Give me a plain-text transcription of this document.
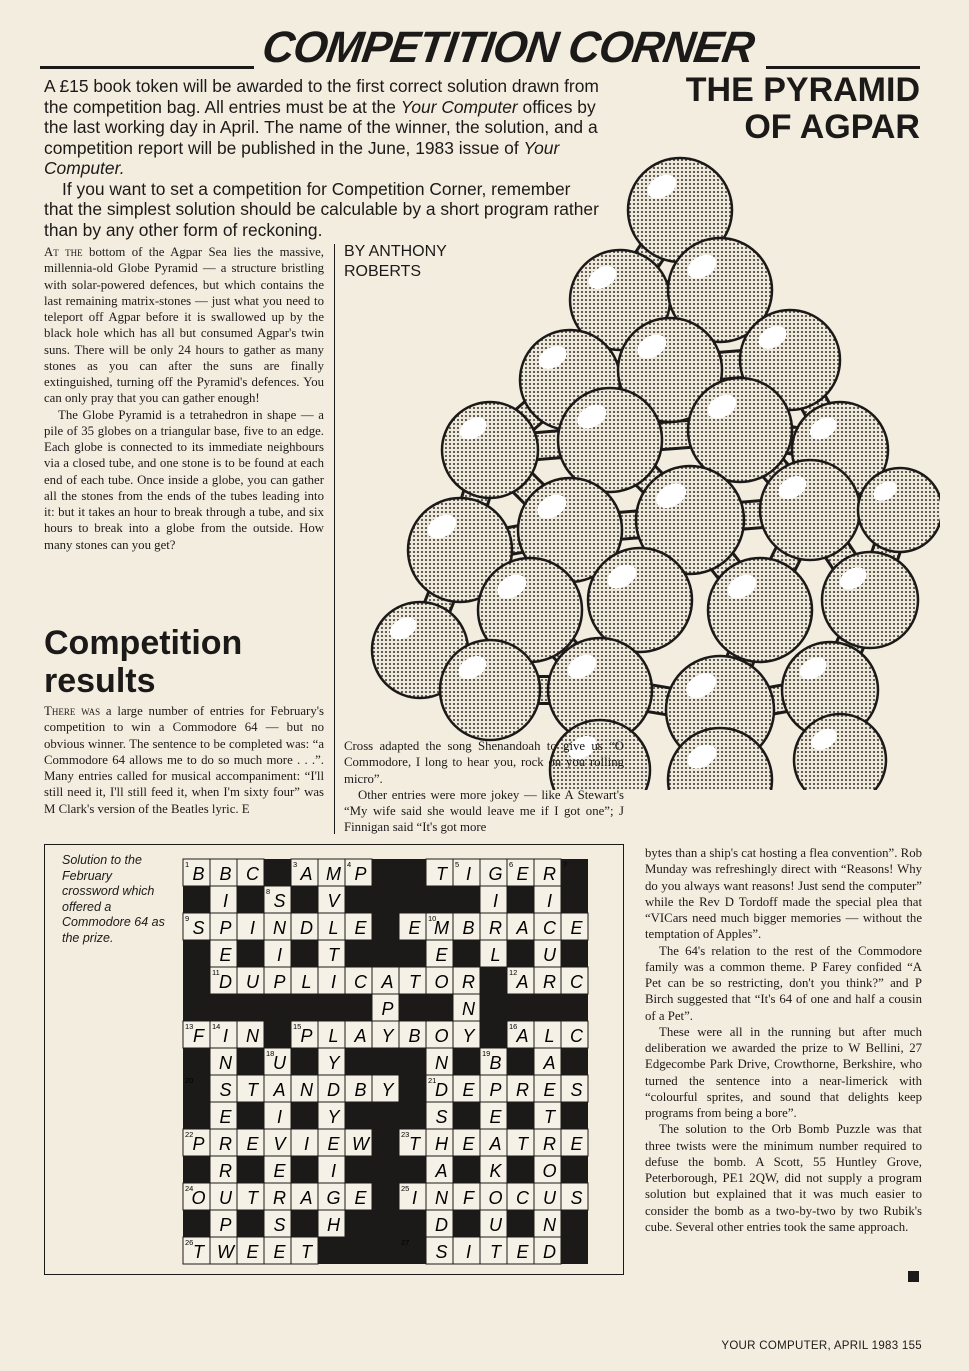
COMPETITION CORNER

A £15 book token will be awarded to the first correct solution drawn from the competition bag. All entries must be at the Your Computer offices by the last working day in April. The name of the winner, the solution, and a competition report will be published in the June, 1983 issue of Your Computer.

If you want to set a competition for Competition Corner, remember that the simplest solution should be calculable by a short program rather than by any other form of reckoning.

THE PYRAMID
OF AGPAR
BY ANTHONY
ROBERTS

At the bottom of the Agpar Sea lies the massive, millennia-old Globe Pyramid — a structure bristling with solar-powered defences, but which contains the last remaining matrix-stones — just what you need to teleport off Agpar before it is swallowed up by the black hole which has all but consumed Agpar's twin suns. There will be only 24 hours to gather as many stones as you can after the suns are finally extinguished, turning off the Pyramid's defences. You can only pray that you can gather enough!

The Globe Pyramid is a tetrahedron in shape — a pile of 35 globes on a triangular base, five to an edge. Each globe is connected to its immediate neighbours via a closed tube, and one stone is to be found at each end of each tube. Once inside a globe, you can gather all the stones from the ends of the tubes leading into it: but it takes an hour to break through a tube, and six hours to break into a globe from the outside. How many stones can you get?

Competition
results

There was a large number of entries for February's competition to win a Commodore 64 — but no obvious winner. The sentence to be completed was: “a Commodore 64 allows me to do so much more . . .”. Many entries called for musical accompaniment: “I'll still need it, I'll still feed it, when I'm sixty four” was M Clark's version of the Beatles lyric. E

Cross adapted the song Shenandoah to give us “O Commodore, I long to hear you, rock on you rolling micro”.

Other entries were more jokey — like A Stewart's “My wife said she would leave me if I got one”; J Finnigan said “It's got more

Solution to the February crossword which offered a Commodore 64 as the prize.
B B C A M P	T I G E R
I	S V	I	I
S P I N D L E E M B R A C E
E	I	T	E L U
D U P L I C A T O R A R C
P	N
F I N P L A Y B O Y A L C
N U Y	N B A
S T A N D B Y D E P R E S
E	I	Y	S E T
P R E V I E W T H E A T R E
R E	I	A K O
O U T R A G E	I N F O C U S
P S H	D U N
T W E E T	S I T E D
1	3	4	5	6	7
8
9	10
11	12
13 14	15	16
18	19
20	21
22	23
24	25
26	27

bytes than a ship's cat hosting a flea convention”. Rob Munday was refreshingly direct with “Reasons! Why do you always want reasons! Just send the computer” while the Rev D Tordoff made the special plea that “VICars need much bigger memories — without the temptation of Apples”.

The 64's relation to the rest of the Commodore family was a common theme. P Farey confided “A Pet can be so restricting, don't you think?” and P Birch suggested that “It's 64 of one and half a cousin of a Pet”.

These were all in the running but after much deliberation we awarded the prize to W Bellini, 27 Edgecombe Park Drive, Crowthorne, Berkshire, who turned the sentence into a near-limerick with “colourful sprites, and sound that delights keep programs from being a bore”.

The solution to the Orb Bomb Puzzle was that three twists were the minimum number required to defuse the bomb. A Scott, 55 Huntley Grove, Peterborough, PE1 2QW, did not supply a program solution but explained that it was much easier to consider the bomb as a two-by-two by two Rubik's cube. Several other entries took the same approach.

YOUR COMPUTER, APRIL 1983 155
